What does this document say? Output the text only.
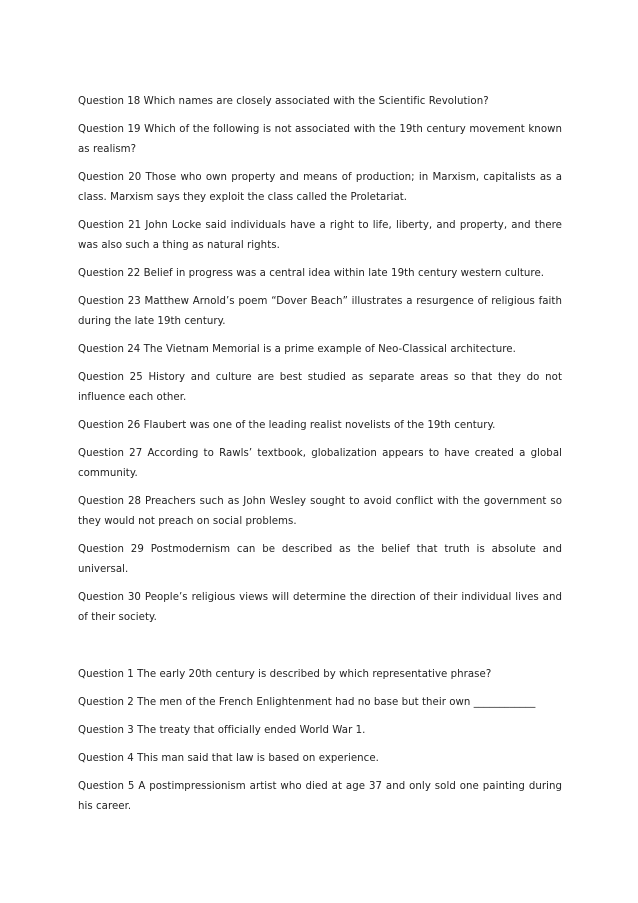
Question 18 Which names are closely associated with the Scientific Revolution?

Question 19 Which of the following is not associated with the 19th century movement known as realism?

Question 20 Those who own property and means of production; in Marxism, capitalists as a class. Marxism says they exploit the class called the Proletariat.

Question 21 John Locke said individuals have a right to life, liberty, and property, and there was also such a thing as natural rights.

Question 22 Belief in progress was a central idea within late 19th century western culture.

Question 23 Matthew Arnold’s poem “Dover Beach” illustrates a resurgence of religious faith during the late 19th century.

Question 24 The Vietnam Memorial is a prime example of Neo-Classical architecture.

Question 25 History and culture are best studied as separate areas so that they do not influence each other.

Question 26 Flaubert was one of the leading realist novelists of the 19th century.

Question 27 According to Rawls’ textbook, globalization appears to have created a global community.

Question 28 Preachers such as John Wesley sought to avoid conflict with the government so they would not preach on social problems.

Question 29 Postmodernism can be described as the belief that truth is absolute and universal.

Question 30 People’s religious views will determine the direction of their individual lives and of their society.

Question 1 The early 20th century is described by which representative phrase?

Question 2 The men of the French Enlightenment had no base but their own ____________

Question 3 The treaty that officially ended World War 1.

Question 4 This man said that law is based on experience.

Question 5 A postimpressionism artist who died at age 37 and only sold one painting during his career.
